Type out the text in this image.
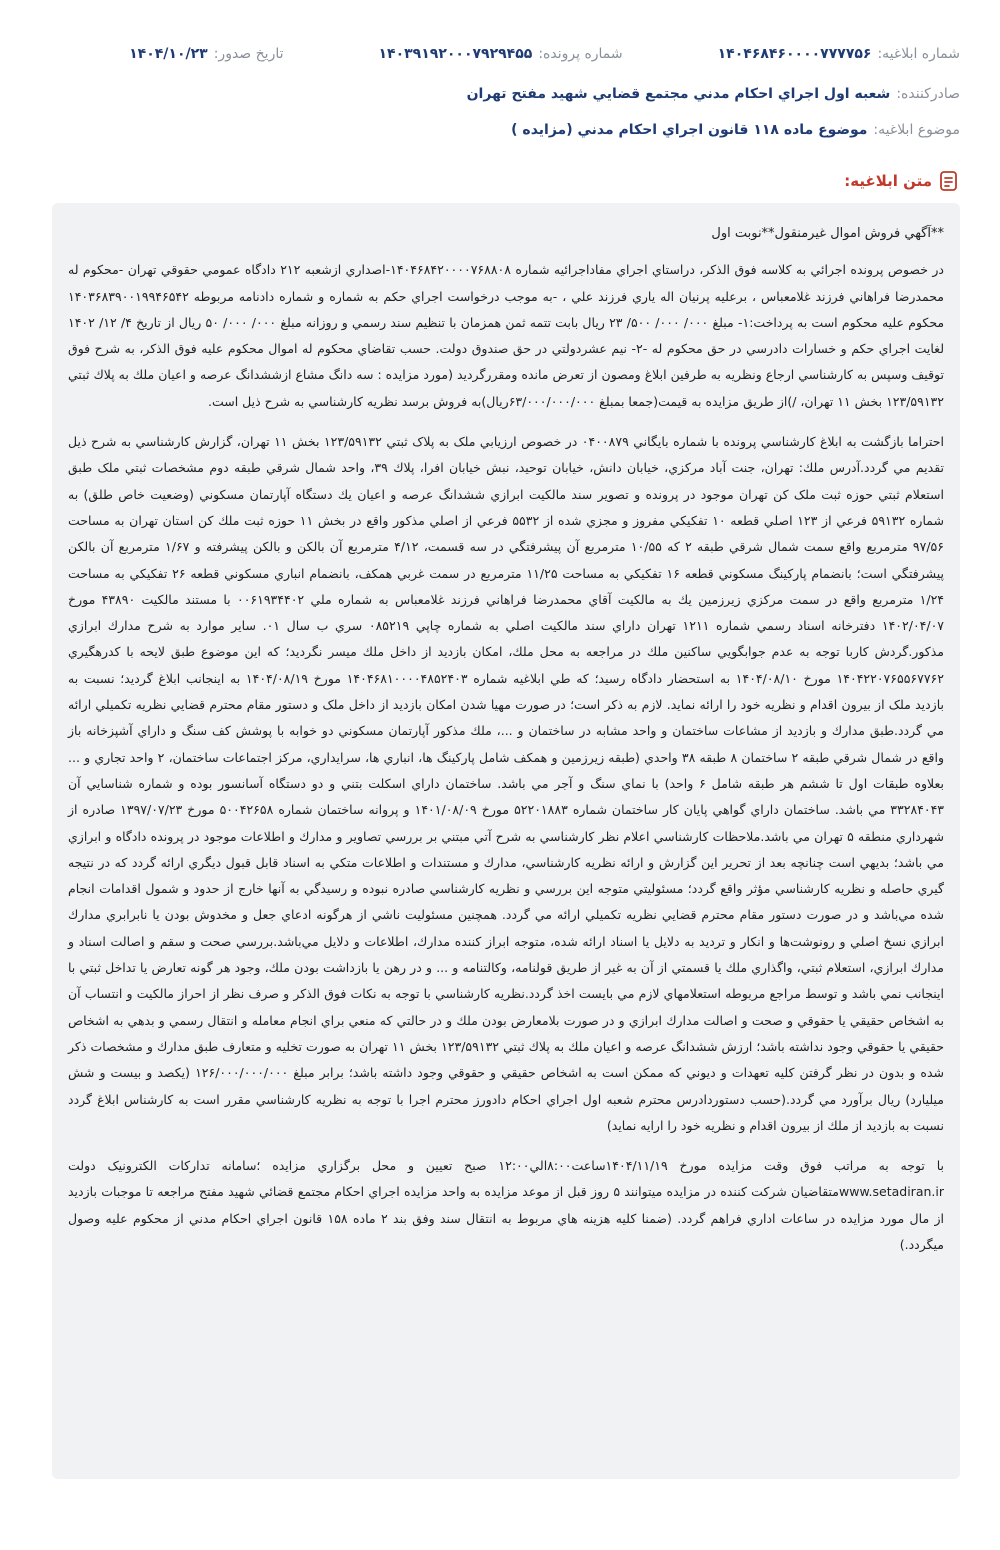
شماره ابلاغيه:
۱۴۰۴۶۸۴۶۰۰۰۰۷۷۷۷۵۶
شماره پرونده:
۱۴۰۳۹۱۹۲۰۰۰۷۹۲۹۴۵۵
تاريخ صدور:
۱۴۰۴/۱۰/۲۳
صادرکننده:
شعبه اول اجراي احکام مدني مجتمع قضايي شهيد مفتح تهران
موضوع ابلاغيه:
موضوع ماده ۱۱۸ قانون اجراي احکام مدني (مزايده )
متن ابلاغيه:

**آگهي فروش اموال غيرمنقول**نوبت اول

در خصوص پرونده اجرائي به كلاسه فوق الذكر، دراستاي اجراي مفاداجرائيه شماره ۱۴۰۴۶۸۴۲۰۰۰۰۷۶۸۸۰۸-اصداري ازشعبه ۲۱۲ دادگاه عمومي حقوقي تهران -محکوم له محمدرضا فراهاني فرزند غلامعباس ، برعليه پرنيان اله ياري فرزند علي ، -به موجب درخواست اجراي حکم به شماره و شماره دادنامه مربوطه ۱۴۰۳۶۸۳۹۰۰۱۹۹۴۶۵۴۲ محکوم عليه محکوم است به پرداخت:۱- مبلغ ۰۰۰/ ۰۰۰/ ۵۰۰/ ۲۳ ريال بابت تتمه ثمن همزمان با تنظيم سند رسمي و روزانه مبلغ ۰۰۰/ ۰۰۰/ ۵۰ ريال از تاريخ ۴/ ۱۲/ ۱۴۰۲ لغايت اجراي حكم و خسارات دادرسي در حق محکوم له -۲- نيم عشردولتي در حق صندوق دولت. حسب تقاضاي محكوم له اموال محكوم عليه فوق الذكر، به شرح فوق توقيف وسپس به كارشناسي ارجاع ونظريه به طرفين ابلاغ ومصون از تعرض مانده ومقررگرديد (مورد مزايده : سه دانگ مشاع ازششدانگ عرصه و اعيان ملك به پلاك ثبتي ۱۲۳/۵۹۱۳۲ بخش ۱۱ تهران، /)از طريق مزايده به قيمت(جمعا بمبلغ ۶۳/۰۰۰/۰۰۰/۰۰۰ريال)به فروش برسد نظريه كارشناسي به شرح ذيل است.

احتراما بازگشت به ابلاغ کارشناسي پرونده با شماره بايگاني ۰۴۰۰۸۷۹ در خصوص ارزيابي ملک به پلاک ثبتي ۱۲۳/۵۹۱۳۲ بخش ۱۱ تهران، گزارش کارشناسي به شرح ذيل تقديم مي گردد.آدرس ملك: تهران، جنت آباد مرکزي، خيابان دانش، خيابان توحيد، نبش خيابان افرا، پلاك ۳۹، واحد شمال شرقي طبقه دوم مشخصات ثبتي ملک طبق استعلام ثبتي حوزه ثبت ملک کن تهران موجود در پرونده و تصوير سند مالکيت ابرازي ششدانگ عرصه و اعيان يك دستگاه آپارتمان مسكوني (وضعيت خاص طلق) به شماره ۵۹۱۳۲ فرعي از ۱۲۳ اصلي قطعه ۱۰ تفكيكي مفروز و مجزي شده از ۵۵۳۲ فرعي از اصلي مذكور واقع در بخش ۱۱ حوزه ثبت ملك كن استان تهران به مساحت ۹۷/۵۶ مترمربع واقع سمت شمال شرقي طبقه ۲ كه ۱۰/۵۵ مترمربع آن پيشرفتگي در سه قسمت، ۴/۱۲ مترمربع آن بالكن و بالكن پيشرفته و ۱/۶۷ مترمربع آن بالكن پيشرفتگي است؛ بانضمام پاركينگ مسكوني قطعه ۱۶ تفكيكي به مساحت ۱۱/۲۵ مترمربع در سمت غربي همكف، بانضمام انباري مسكوني قطعه ۲۶ تفكيكي به مساحت ۱/۲۴ مترمربع واقع در سمت مركزي زيرزمين يك به مالكيت آقاي محمدرضا فراهاني فرزند غلامعباس به شماره ملي ۰۰۶۱۹۳۴۴۰۲ با مستند مالكيت ۴۳۸۹۰ مورخ ۱۴۰۲/۰۴/۰۷ دفترخانه اسناد رسمي شماره ۱۲۱۱ تهران داراي سند مالکيت اصلي به شماره چاپي ۰۸۵۲۱۹ سري ب سال ۰۱. ساير موارد به شرح مدارك ابرازي مذكور.گردش كاربا توجه به عدم جوابگويي ساكنين ملك در مراجعه به محل ملك، امكان بازديد از داخل ملك ميسر نگرديد؛ كه اين موضوع طبق لايحه با كدرهگيري ۱۴۰۴۲۲۰۷۶۵۵۶۷۷۶۲ مورخ ۱۴۰۴/۰۸/۱۰ به استحضار دادگاه رسيد؛ كه طي ابلاغيه شماره ۱۴۰۴۶۸۱۰۰۰۰۴۸۵۲۴۰۳ مورخ ۱۴۰۴/۰۸/۱۹ به اينجانب ابلاغ گرديد؛ نسبت به بازديد ملک از بيرون اقدام و نظريه خود را ارائه نمايد. لازم به ذكر است؛ در صورت مهيا شدن امكان بازديد از داخل ملک و دستور مقام محترم قضايي نظريه تکميلي ارائه مي گردد.طبق مدارك و بازديد از مشاعات ساختمان و واحد مشابه در ساختمان و ...، ملك مذكور آپارتمان مسكوني دو خوابه با پوشش كف سنگ و داراي آشپزخانه باز واقع در شمال شرقي طبقه ۲ ساختمان ۸ طبقه ۳۸ واحدي (طبقه زيرزمين و همكف شامل پاركينگ ها، انباري ها، سرايداري، مركز اجتماعات ساختمان، ۲ واحد تجاري و ... بعلاوه طبقات اول تا ششم هر طبقه شامل ۶ واحد) با نماي سنگ و آجر مي باشد. ساختمان داراي اسكلت بتني و دو دستگاه آسانسور بوده و شماره شناسايي آن ۳۳۲۸۴۰۴۳ مي باشد. ساختمان داراي گواهي پايان كار ساختمان شماره ۵۲۲۰۱۸۸۳ مورخ ۱۴۰۱/۰۸/۰۹ و پروانه ساختمان شماره ۵۰۰۴۲۶۵۸ مورخ ۱۳۹۷/۰۷/۲۳ صادره از شهرداري منطقه ۵ تهران مي باشد.ملاحظات كارشناسي اعلام نظر كارشناسي به شرح آتي مبتني بر بررسي تصاوير و مدارك و اطلاعات موجود در پرونده دادگاه و ابرازي مي باشد؛ بديهي است چنانچه بعد از تحرير اين گزارش و ارائه نظريه كارشناسي، مدارك و مستندات و اطلاعات متكي به اسناد قابل قبول ديگري ارائه گردد كه در نتيجه گيري حاصله و نظريه كارشناسي مؤثر واقع گردد؛ مسئوليتي متوجه اين بررسي و نظريه كارشناسي صادره نبوده و رسيدگي به آنها خارج از حدود و شمول اقدامات انجام شده مي‌باشد و در صورت دستور مقام محترم قضايي نظريه تکميلي ارائه مي گردد. همچنين مسئوليت ناشي از هرگونه ادعاي جعل و مخدوش بودن يا نابرابري مدارك ابرازي نسخ اصلي و رونوشت‌ها و انكار و ترديد به دلايل يا اسناد ارائه شده، متوجه ابراز كننده مدارك، اطلاعات و دلايل مي‌باشد.بررسي صحت و سقم و اصالت اسناد و مدارك ابرازي، استعلام ثبتي، واگذاري ملك يا قسمتي از آن به غير از طريق قولنامه، وكالتنامه و ... و در رهن يا بازداشت بودن ملك، وجود هر گونه تعارض يا تداخل ثبتي با اينجانب نمي باشد و توسط مراجع مربوطه استعلامهاي لازم مي بايست اخذ گردد.نظريه كارشناسي با توجه به نكات فوق الذكر و صرف نظر از احراز مالكيت و انتساب آن به اشخاص حقيقي يا حقوقي و صحت و اصالت مدارك ابرازي و در صورت بلامعارض بودن ملك و در حالتي كه منعي براي انجام معامله و انتقال رسمي و بدهي به اشخاص حقيقي يا حقوقي وجود نداشته باشد؛ ارزش ششدانگ عرصه و اعيان ملك به پلاك ثبتي ۱۲۳/۵۹۱۳۲ بخش ۱۱ تهران به صورت تخليه و متعارف طبق مدارك و مشخصات ذكر شده و بدون در نظر گرفتن كليه تعهدات و ديوني كه ممكن است به اشخاص حقيقي و حقوقي وجود داشته باشد؛ برابر مبلغ ۱۲۶/۰۰۰/۰۰۰/۰۰۰ (يكصد و بيست و شش ميليارد) ريال برآورد مي گردد.(حسب دستوردادرس محترم شعبه اول اجراي احكام دادورز محترم اجرا با توجه به نظريه كارشناسي مقرر است به كارشناس ابلاغ گردد نسبت به بازديد از ملك از بيرون اقدام و نظريه خود را ارايه نمايد)

با توجه به مراتب فوق وقت مزايده مورخ ۱۴۰۴/۱۱/۱۹ساعت۸:۰۰الي۱۲:۰۰ صبح تعيين و محل برگزاري مزايده ؛سامانه تدارکات الکترونيک دولت www.setadiran.irمتقاضيان شركت كننده در مزايده ميتوانند ۵ روز قبل از موعد مزايده به واحد مزايده اجراي احکام مجتمع قضائي شهيد مفتح مراجعه تا موجبات بازديد از مال مورد مزايده در ساعات اداري فراهم گردد. (ضمنا كليه هزينه هاي مربوط به انتقال سند وفق بند ۲ ماده ۱۵۸ قانون اجراي احکام مدني از محکوم عليه وصول ميگردد.)
